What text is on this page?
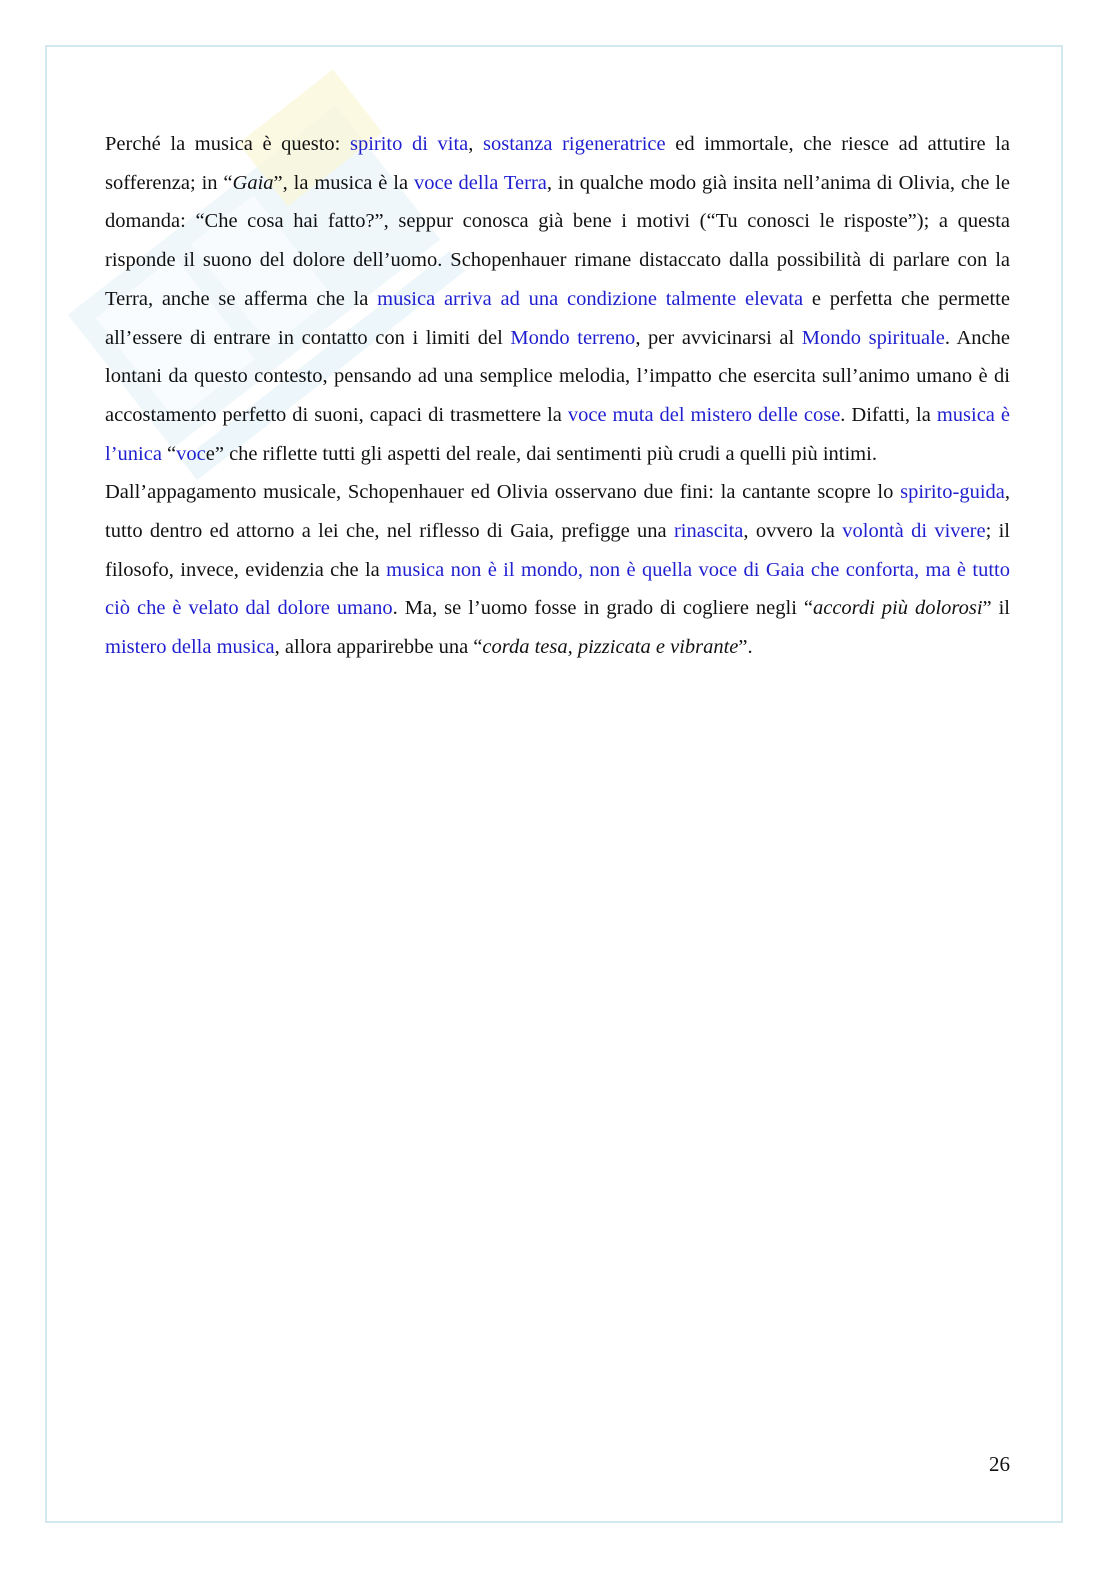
Perché la musica è questo: spirito di vita, sostanza rigeneratrice ed immortale, che riesce ad attutire la sofferenza; in “Gaia”, la musica è la voce della Terra, in qualche modo già insita nell’anima di Olivia, che le domanda: “Che cosa hai fatto?”, seppur conosca già bene i motivi (“Tu conosci le risposte”); a questa risponde il suono del dolore dell’uomo. Schopenhauer rimane distaccato dalla possibilità di parlare con la Terra, anche se afferma che la musica arriva ad una condizione talmente elevata e perfetta che permette all’essere di entrare in contatto con i limiti del Mondo terreno, per avvicinarsi al Mondo spirituale. Anche lontani da questo contesto, pensando ad una semplice melodia, l’impatto che esercita sull’animo umano è di accostamento perfetto di suoni, capaci di trasmettere la voce muta del mistero delle cose. Difatti, la musica è l’unica “voce” che riflette tutti gli aspetti del reale, dai sentimenti più crudi a quelli più intimi.

Dall’appagamento musicale, Schopenhauer ed Olivia osservano due fini: la cantante scopre lo spirito-guida, tutto dentro ed attorno a lei che, nel riflesso di Gaia, prefigge una rinascita, ovvero la volontà di vivere; il filosofo, invece, evidenzia che la musica non è il mondo, non è quella voce di Gaia che conforta, ma è tutto ciò che è velato dal dolore umano. Ma, se l’uomo fosse in grado di cogliere negli “accordi più dolorosi” il mistero della musica, allora apparirebbe una “corda tesa, pizzicata e vibrante”.

26
